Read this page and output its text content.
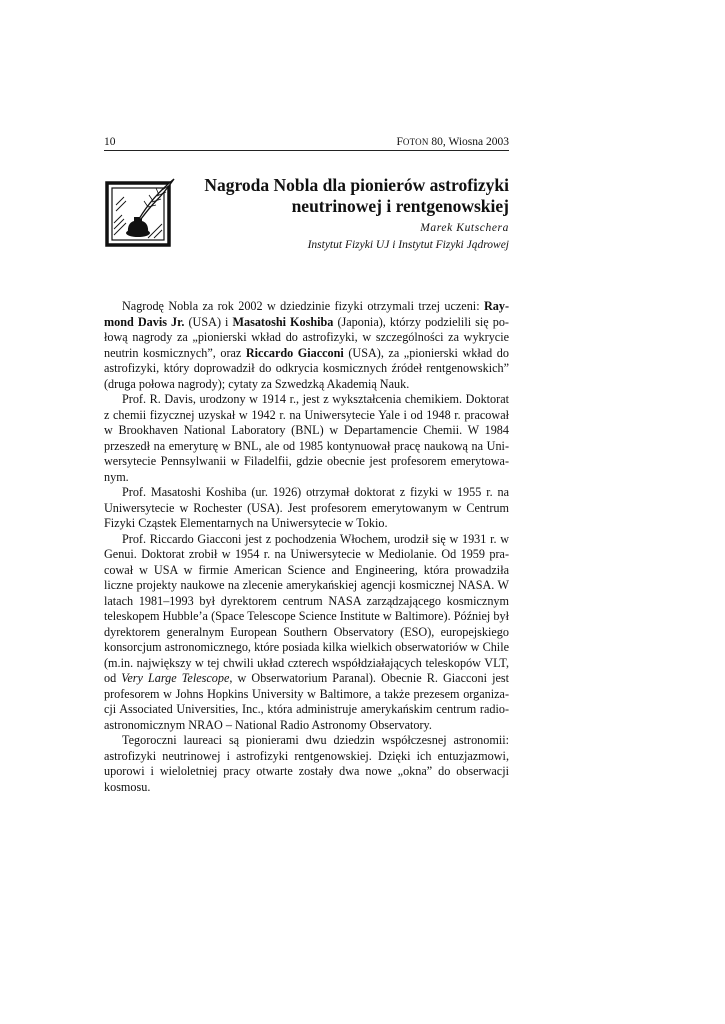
10	FOTON 80, Wiosna 2003
Nagroda Nobla dla pionierów astrofizyki
neutrinowej i rentgenowskiej
Marek Kutschera
Instytut Fizyki UJ i Instytut Fizyki Jądrowej

Nagrodę Nobla za rok 2002 w dziedzinie fizyki otrzymali trzej uczeni: Raymond Davis Jr. (USA) i Masatoshi Koshiba (Japonia), którzy podzielili się połową nagrody za „pionierski wkład do astrofizyki, w szczególności za wykrycie neutrin kosmicznych”, oraz Riccardo Giacconi (USA), za „pionierski wkład do astrofizyki, który doprowadził do odkrycia kosmicznych źródeł rentgenowskich” (druga połowa nagrody); cytaty za Szwedzką Akademią Nauk.

Prof. R. Davis, urodzony w 1914 r., jest z wykształcenia chemikiem. Doktorat z chemii fizycznej uzyskał w 1942 r. na Uniwersytecie Yale i od 1948 r. pracował w Brookhaven National Laboratory (BNL) w Departamencie Chemii. W 1984 przeszedł na emeryturę w BNL, ale od 1985 kontynuował pracę naukową na Uniwersytecie Pennsylwanii w Filadelfii, gdzie obecnie jest profesorem emerytowanym.

Prof. Masatoshi Koshiba (ur. 1926) otrzymał doktorat z fizyki w 1955 r. na Uniwersytecie w Rochester (USA). Jest profesorem emerytowanym w Centrum Fizyki Cząstek Elementarnych na Uniwersytecie w Tokio.

Prof. Riccardo Giacconi jest z pochodzenia Włochem, urodził się w 1931 r. w Genui. Doktorat zrobił w 1954 r. na Uniwersytecie w Mediolanie. Od 1959 pracował w USA w firmie American Science and Engineering, która prowadziła liczne projekty naukowe na zlecenie amerykańskiej agencji kosmicznej NASA. W latach 1981–1993 był dyrektorem centrum NASA zarządzającego kosmicznym teleskopem Hubble’a (Space Telescope Science Institute w Baltimore). Później był dyrektorem generalnym European Southern Observatory (ESO), europejskiego konsorcjum astronomicznego, które posiada kilka wielkich obserwatoriów w Chile (m.in. największy w tej chwili układ czterech współdziałających teleskopów VLT, od Very Large Telescope, w Obserwatorium Paranal). Obecnie R. Giacconi jest profesorem w Johns Hopkins University w Baltimore, a także prezesem organizacji Associated Universities, Inc., która administruje amerykańskim centrum radioastronomicznym NRAO – National Radio Astronomy Observatory.

Tegoroczni laureaci są pionierami dwu dziedzin współczesnej astronomii: astrofizyki neutrinowej i astrofizyki rentgenowskiej. Dzięki ich entuzjazmowi, uporowi i wieloletniej pracy otwarte zostały dwa nowe „okna” do obserwacji kosmosu.
